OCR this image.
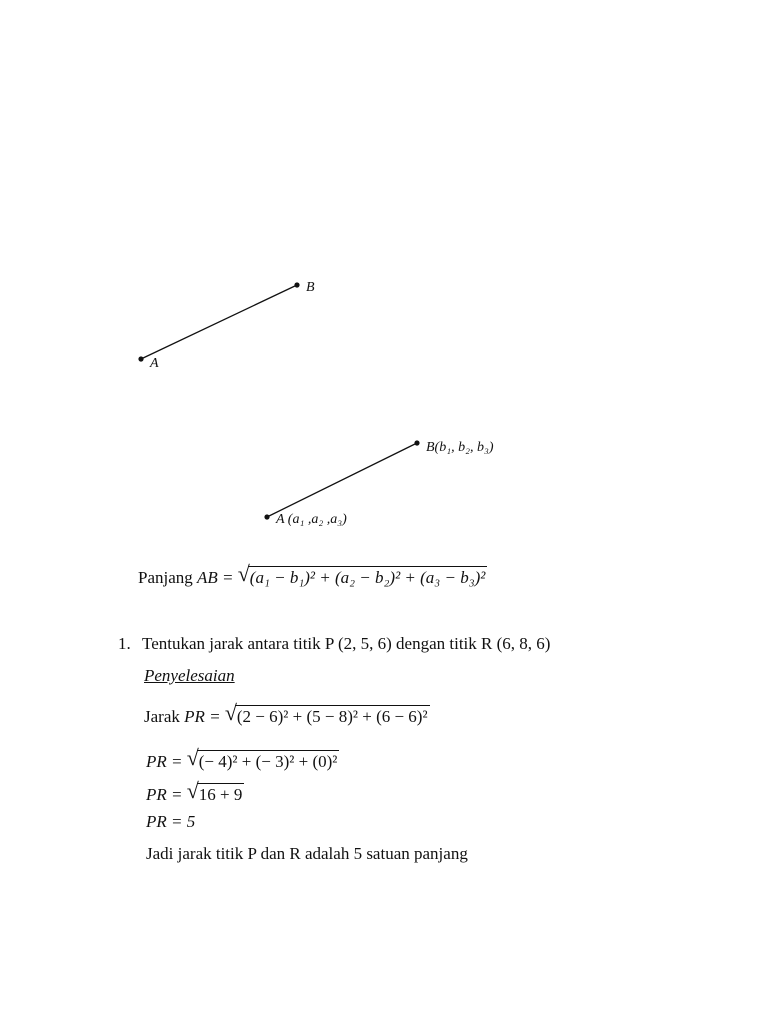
B
A
B(b₁, b₂, b₃)
A (a₁ ,a₂ ,a₃)
Panjang AB = √ (a₁ − b₁)² + (a₂ − b₂)² + (a₃ − b₃)²
1. Tentukan jarak antara titik P (2, 5, 6) dengan titik R (6, 8, 6)
Penyelesaian
Jarak PR = √ (2 − 6)² + (5 − 8)² + (6 − 6)²
PR = √ (− 4)² + (− 3)² + (0)²
PR = √ 16 + 9
PR = 5
Jadi jarak titik P dan R adalah 5 satuan panjang
